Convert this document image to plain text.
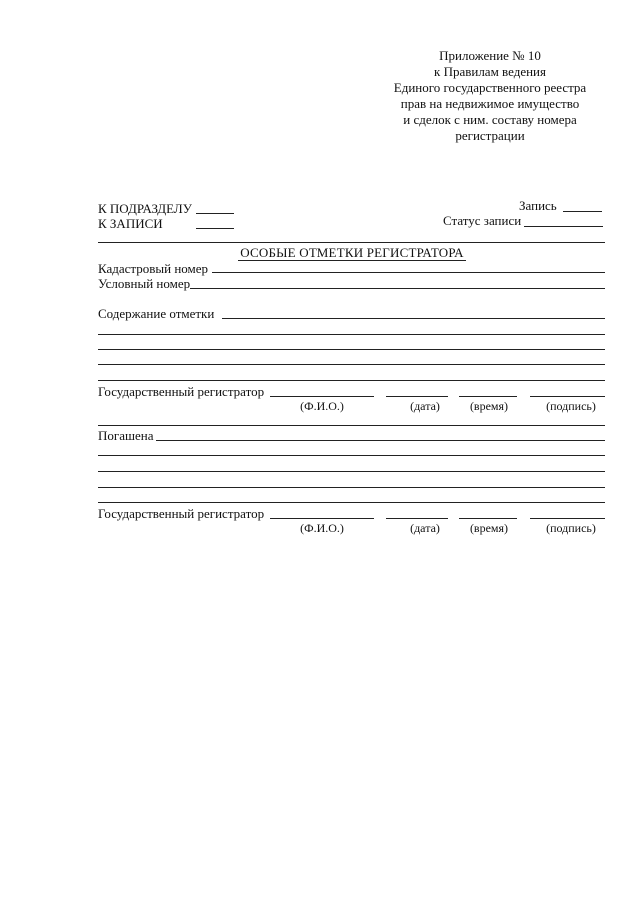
Приложение № 10
к Правилам ведения
Единого государственного реестра
прав на недвижимое имущество
и сделок с ним. составу номера
регистрации
К ПОДРАЗДЕЛУ
К ЗАПИСИ
Запись
Статус записи
ОСОБЫЕ ОТМЕТКИ РЕГИСТРАТОРА
Кадастровый номер
Условный номер
Содержание отметки
Государственный регистратор
(Ф.И.О.)	(дата)	(время)	(подпись)
Погашена
Государственный регистратор
(Ф.И.О.)	(дата)	(время)	(подпись)
